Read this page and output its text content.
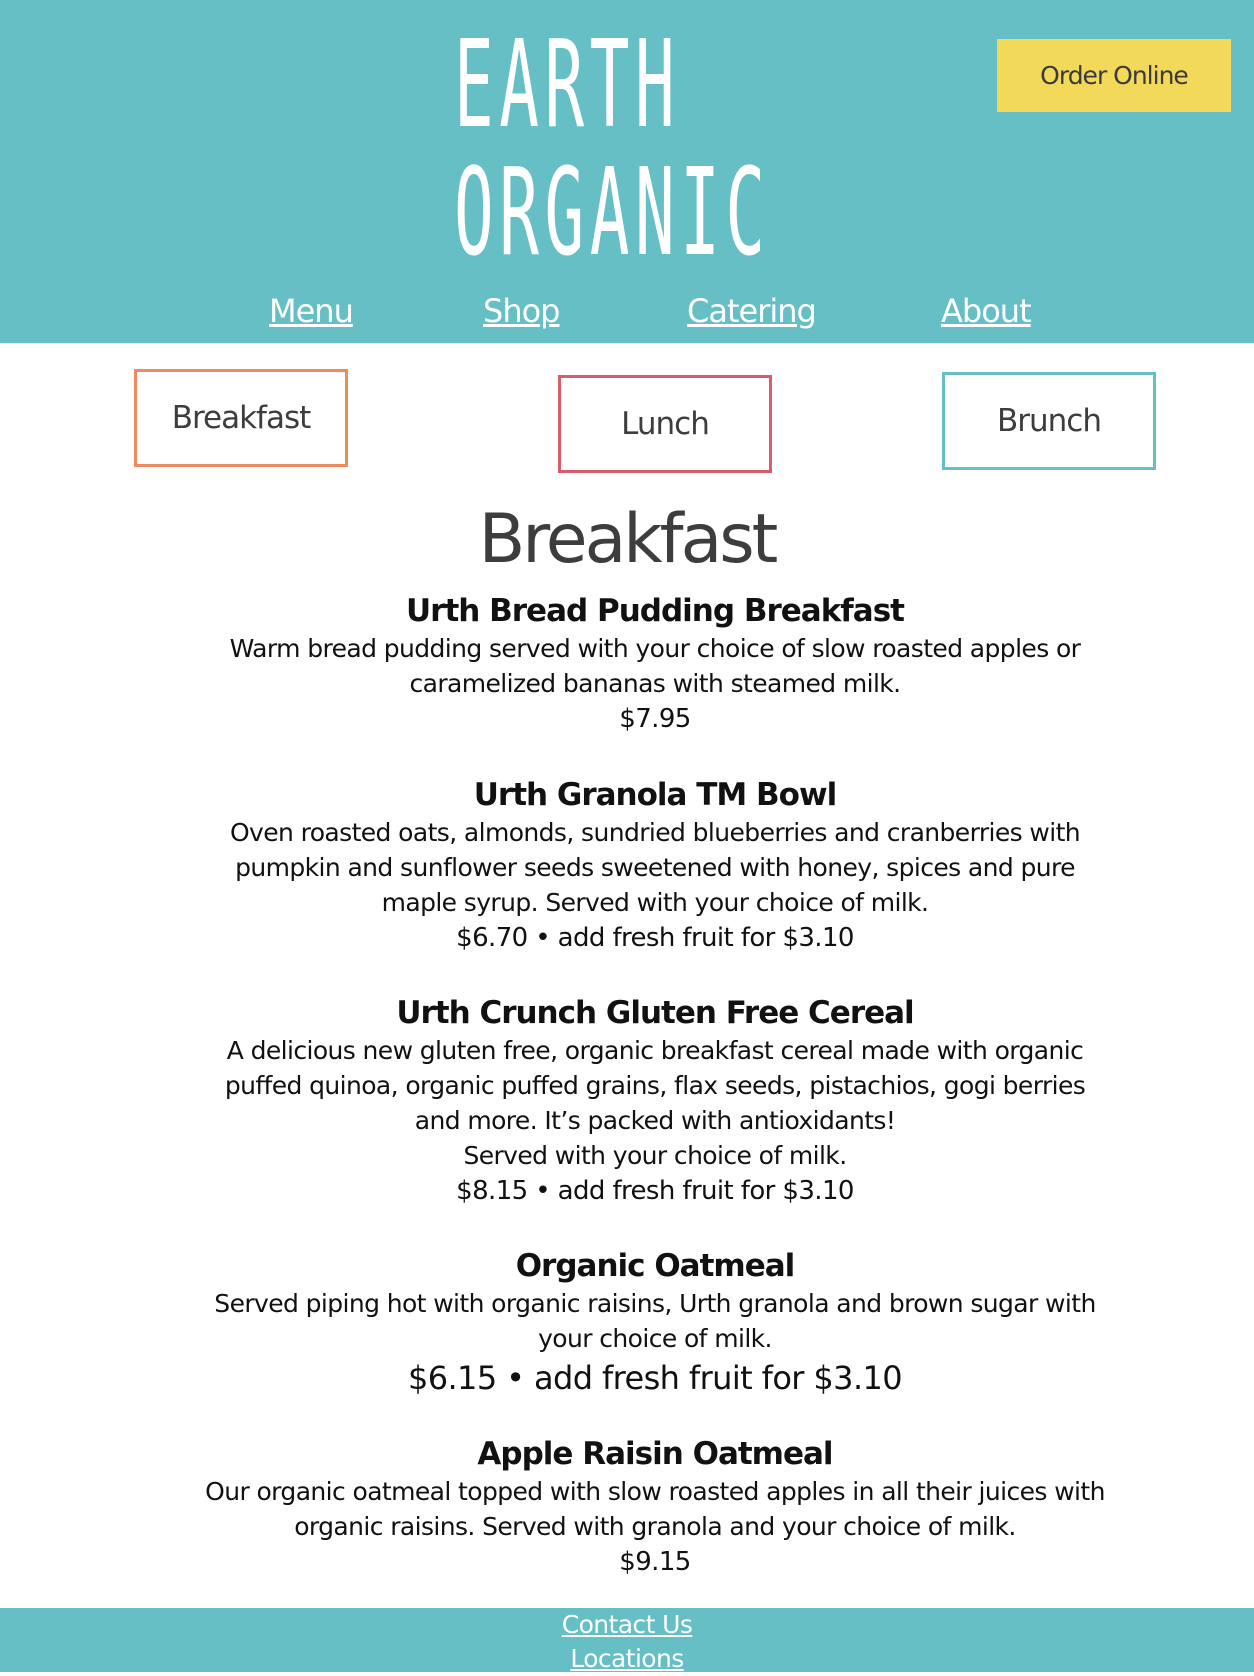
EARTH
ORGANIC
Order Online
Menu	Shop	Catering	About
Breakfast	Lunch	Brunch
Breakfast
Urth Bread Pudding Breakfast
Warm bread pudding served with your choice of slow roasted apples or
caramelized bananas with steamed milk.
$7.95
Urth Granola TM Bowl
Oven roasted oats, almonds, sundried blueberries and cranberries with
pumpkin and sunflower seeds sweetened with honey, spices and pure
maple syrup. Served with your choice of milk.
$6.70 • add fresh fruit for $3.10
Urth Crunch Gluten Free Cereal
A delicious new gluten free, organic breakfast cereal made with organic
puffed quinoa, organic puffed grains, flax seeds, pistachios, gogi berries
and more. It’s packed with antioxidants!
Served with your choice of milk.
$8.15 • add fresh fruit for $3.10
Organic Oatmeal
Served piping hot with organic raisins, Urth granola and brown sugar with
your choice of milk.
$6.15 • add fresh fruit for $3.10
Apple Raisin Oatmeal
Our organic oatmeal topped with slow roasted apples in all their juices with
organic raisins. Served with granola and your choice of milk.
$9.15
Contact Us
Locations
